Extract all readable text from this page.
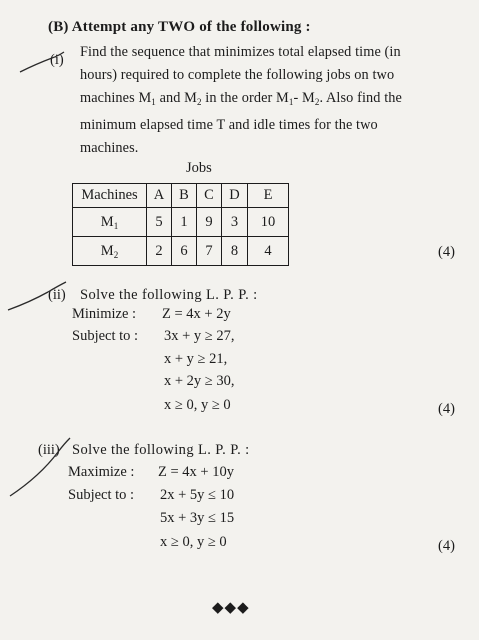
(B) Attempt any TWO of the following :
(i) Find the sequence that minimizes total elapsed time (in
hours) required to complete the following jobs on two
machines $M_1$ and $M_2$ in the order $M_1-$ $M_2$. Also find the
minimum elapsed time T and idle times for the two
machines.
Jobs
Machines	A	B	C	D	E
$M_1$	5	1	9	3	10
$M_2$	2	6	7	8	4	(4)
(ii) Solve the following L. P. P. :
Minimize : Z = 4x + 2y
Subject to : 3x + y ≥ 27,
x + y ≥ 21,
x + 2y ≥ 30,
x ≥ 0, y ≥ 0	(4)
(iii) Solve the following L. P. P. :
Maximize : Z = 4x + 10y
Subject to : 2x + 5y ≤ 10
5x + 3y ≤ 15
x ≥ 0, y ≥ 0	(4)
◆◆◆
